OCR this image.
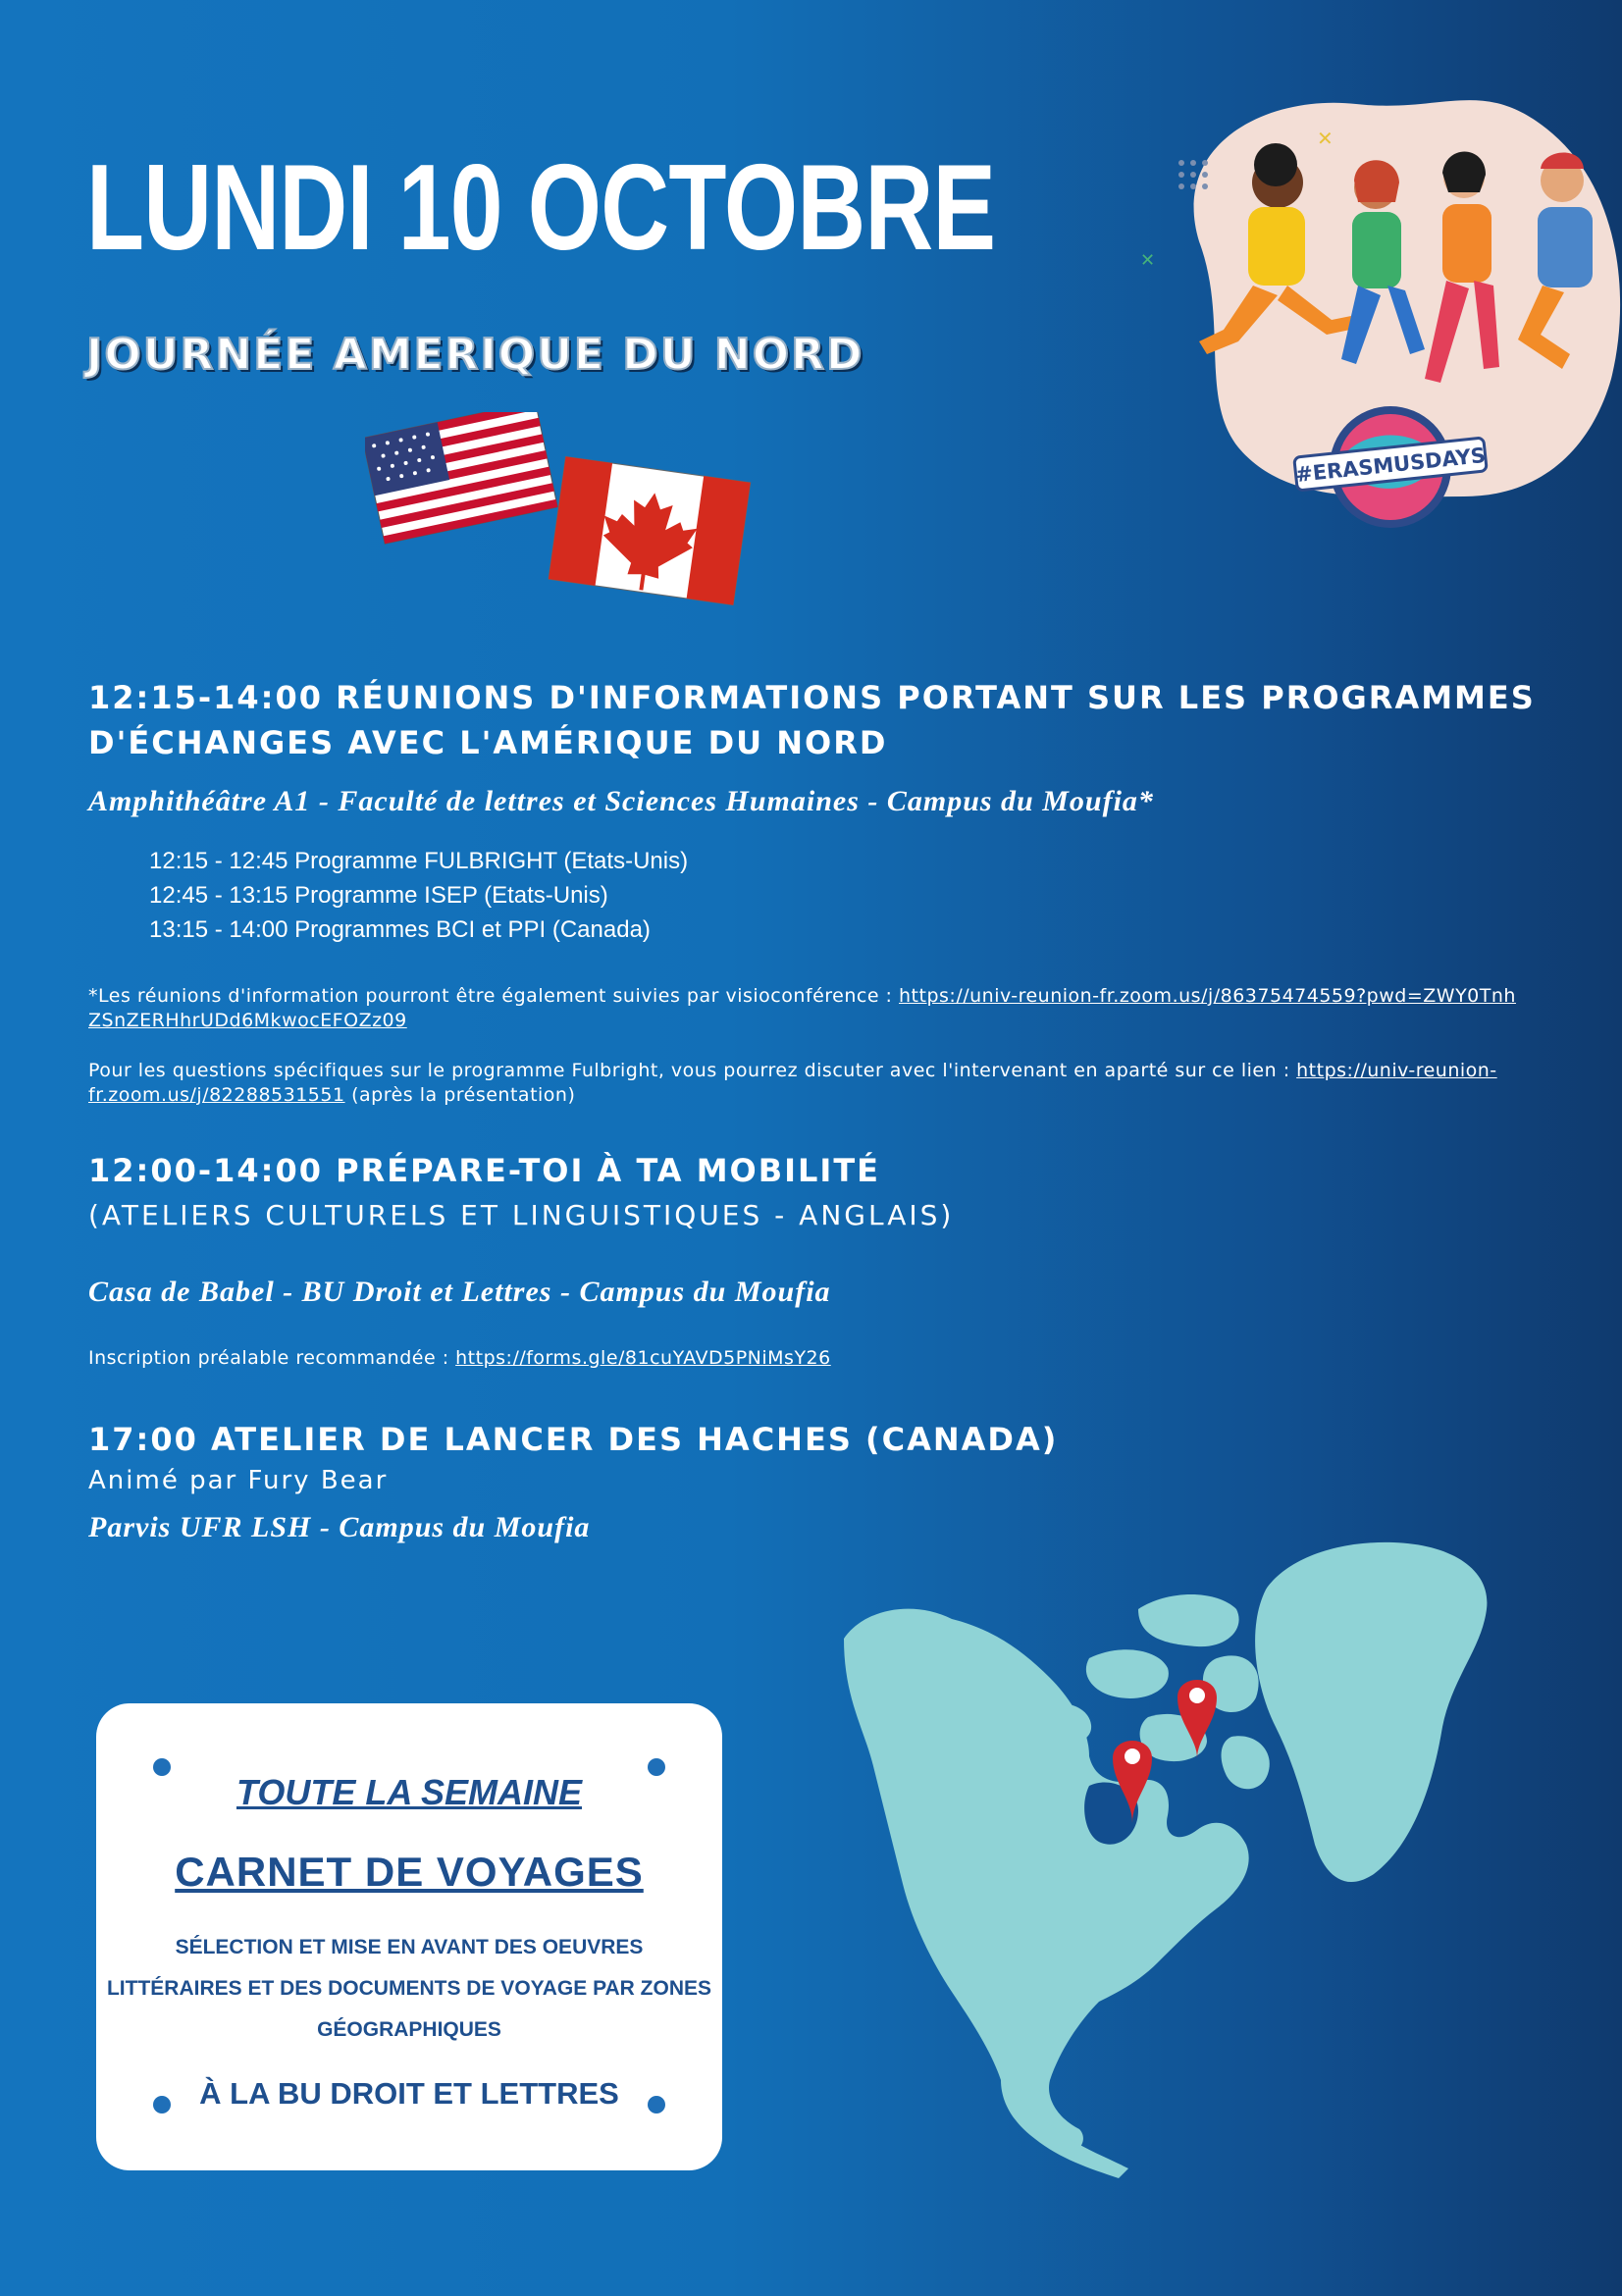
LUNDI 10 OCTOBRE
JOURNÉE AMERIQUE DU NORD
✕
✕
#ERASMUSDAYS
12:15-14:00 RÉUNIONS D'INFORMATIONS PORTANT SUR LES PROGRAMMES
D'ÉCHANGES AVEC L'AMÉRIQUE DU NORD
Amphithéâtre A1 - Faculté de lettres et Sciences Humaines - Campus du Moufia*
12:15 - 12:45 Programme FULBRIGHT (Etats-Unis)
12:45 - 13:15 Programme ISEP (Etats-Unis)
13:15 - 14:00 Programmes BCI et PPI (Canada)
*Les réunions d'information pourront être également suivies par visioconférence : https://univ-reunion-fr.zoom.us/j/86375474559?pwd=ZWY0TnhZSnZERHhrUDd6MkwocEFOZz09
Pour les questions spécifiques sur le programme Fulbright, vous pourrez discuter avec l'intervenant en aparté sur ce lien : https://univ-reunion-fr.zoom.us/j/82288531551 (après la présentation)
12:00-14:00 PRÉPARE-TOI À TA MOBILITÉ
(ATELIERS CULTURELS ET LINGUISTIQUES - ANGLAIS)
Casa de Babel - BU Droit et Lettres - Campus du Moufia
Inscription préalable recommandée : https://forms.gle/81cuYAVD5PNiMsY26
17:00 ATELIER DE LANCER DES HACHES (CANADA)
Animé par Fury Bear
Parvis UFR LSH - Campus du Moufia
TOUTE LA SEMAINE
CARNET DE VOYAGES
SÉLECTION ET MISE EN AVANT DES OEUVRES
LITTÉRAIRES ET DES DOCUMENTS DE VOYAGE PAR ZONES
GÉOGRAPHIQUES
À LA BU DROIT ET LETTRES
